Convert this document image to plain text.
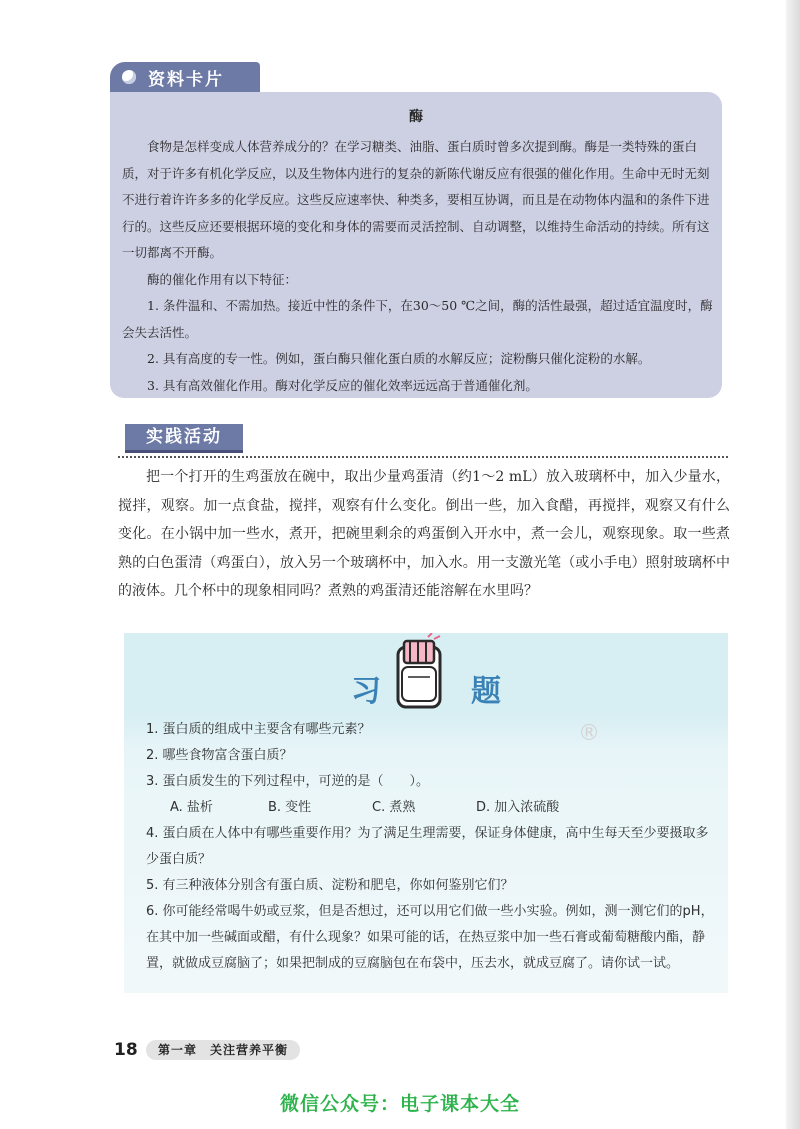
资料卡片
酶

食物是怎样变成人体营养成分的？在学习糖类、油脂、蛋白质时曾多次提到酶。酶是一类特殊的蛋白质，对于许多有机化学反应，以及生物体内进行的复杂的新陈代谢反应有很强的催化作用。生命中无时无刻不进行着许许多多的化学反应。这些反应速率快、种类多，要相互协调，而且是在动物体内温和的条件下进行的。这些反应还要根据环境的变化和身体的需要而灵活控制、自动调整，以维持生命活动的持续。所有这一切都离不开酶。

酶的催化作用有以下特征：

1. 条件温和、不需加热。接近中性的条件下，在30～50 ℃之间，酶的活性最强，超过适宜温度时，酶会失去活性。

2. 具有高度的专一性。例如，蛋白酶只催化蛋白质的水解反应；淀粉酶只催化淀粉的水解。

3. 具有高效催化作用。酶对化学反应的催化效率远远高于普通催化剂。

实践活动

把一个打开的生鸡蛋放在碗中，取出少量鸡蛋清（约1～2 mL）放入玻璃杯中，加入少量水，搅拌，观察。加一点食盐，搅拌，观察有什么变化。倒出一些，加入食醋，再搅拌，观察又有什么变化。在小锅中加一些水，煮开，把碗里剩余的鸡蛋倒入开水中，煮一会儿，观察现象。取一些煮熟的白色蛋清（鸡蛋白），放入另一个玻璃杯中，加入水。用一支激光笔（或小手电）照射玻璃杯中的液体。几个杯中的现象相同吗？煮熟的鸡蛋清还能溶解在水里吗？

习	题
®

1. 蛋白质的组成中主要含有哪些元素？

2. 哪些食物富含蛋白质？

3. 蛋白质发生的下列过程中，可逆的是（　　）。

A. 盐析	B. 变性	C. 煮熟	D. 加入浓硫酸

4. 蛋白质在人体中有哪些重要作用？为了满足生理需要，保证身体健康，高中生每天至少要摄取多少蛋白质？

5. 有三种液体分别含有蛋白质、淀粉和肥皂，你如何鉴别它们？

6. 你可能经常喝牛奶或豆浆，但是否想过，还可以用它们做一些小实验。例如，测一测它们的pH，在其中加一些碱面或醋，有什么现象？如果可能的话，在热豆浆中加一些石膏或葡萄糖酸内酯，静置，就做成豆腐脑了；如果把制成的豆腐脑包在布袋中，压去水，就成豆腐了。请你试一试。

18	第一章　关注营养平衡
微信公众号：电子课本大全
